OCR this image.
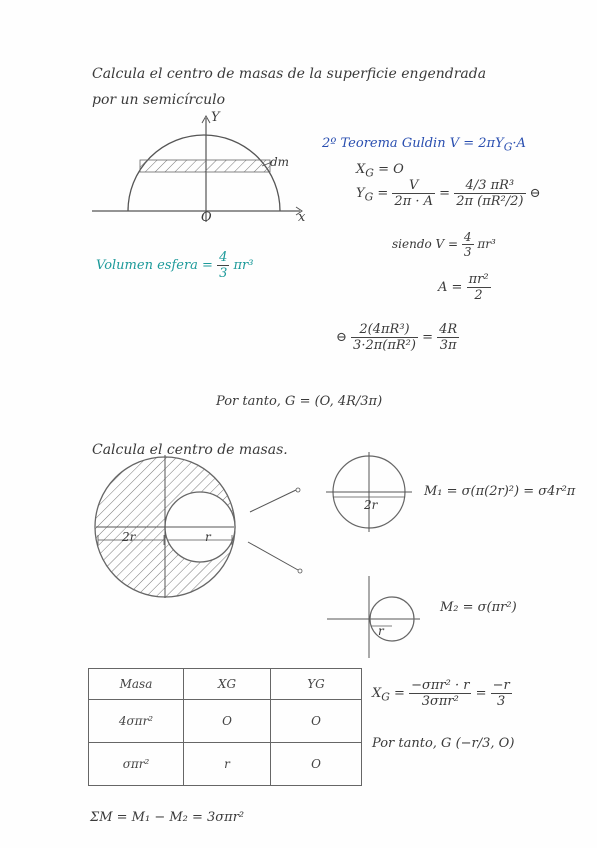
Calcula el centro de masas de la superficie engendrada
por un semicírculo
Y
x
O
dm
Volumen esfera = $\frac{4}{3} \pi r^3$
2º Teorema Guldin $V = 2\pi Y_G\cdot A$
$X_G = O$
$Y_G = \frac{V}{2\pi \cdot A} = \frac{\text{4/3 πR³}}{\text{2π (πR²/2)}}$ ⊖
siendo $V = \frac{4}{3} \pi r^3$
$A = \frac{\text{πr²}}{2}$
⊖ $\frac{\text{2(4πR³)}}{\text{3·2π(πR²)}} = \frac{4R}{3\pi}$
Por tanto, G = (O, 4R/3π)
Calcula el centro de masas.
2r	r
2r
M₁ = σ(π(2r)²) = σ4r²π
r
M₂ = σ(πr²)
Masa	XG	YG
4σπr²	O	O
σπr²	r	O
$X_G = \frac{\text{−σπr² · r}}{\text{3σπr²}} = \frac{-r}{3}$
Por tanto, G (−r/3, O)
ΣM = M₁ − M₂ = 3σπr²
